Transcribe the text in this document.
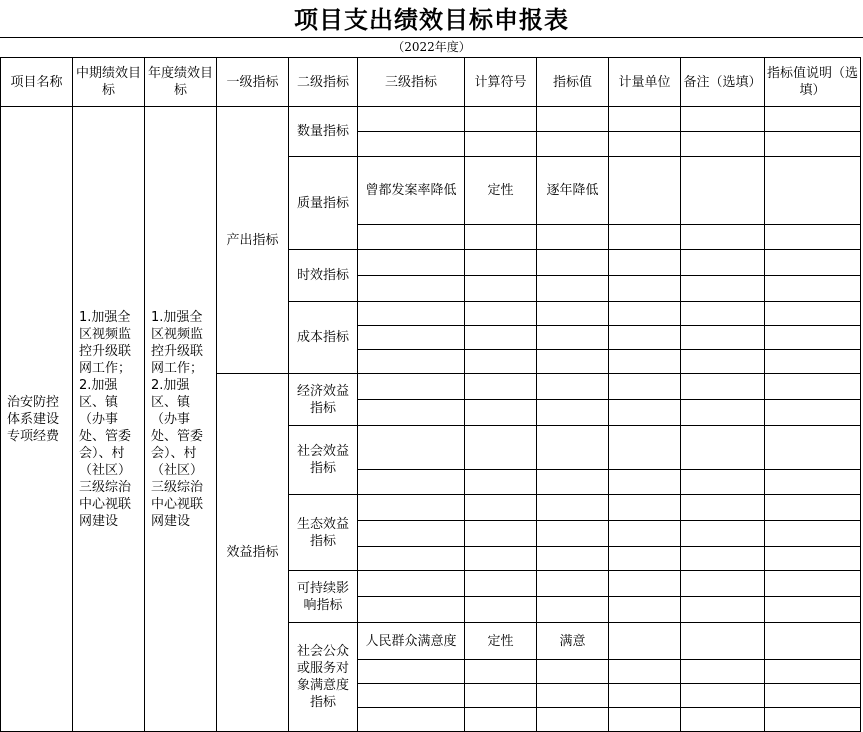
项目支出绩效目标申报表
（2022年度）
项目名称	中期绩效目标	年度绩效目标	一级指标	二级指标	三级指标	计算符号	指标值	计量单位	备注（选填）	指标值说明（选填）
治安防控体系建设专项经费	1.加强全区视频监控升级联网工作；2.加强区、镇（办事处、管委会）、村（社区）三级综治中心视联网建设	1.加强全区视频监控升级联网工作；2.加强区、镇（办事处、管委会）、村（社区）三级综治中心视联网建设	产出指标	数量指标						

				质量指标	曾都发案率降低	定性	逐年降低			

				时效指标						

				成本指标						

			效益指标	经济效益指标						

				社会效益指标						

				生态效益指标						

				可持续影响指标						

				社会公众或服务对象满意度指标	人民群众满意度	定性	满意			
